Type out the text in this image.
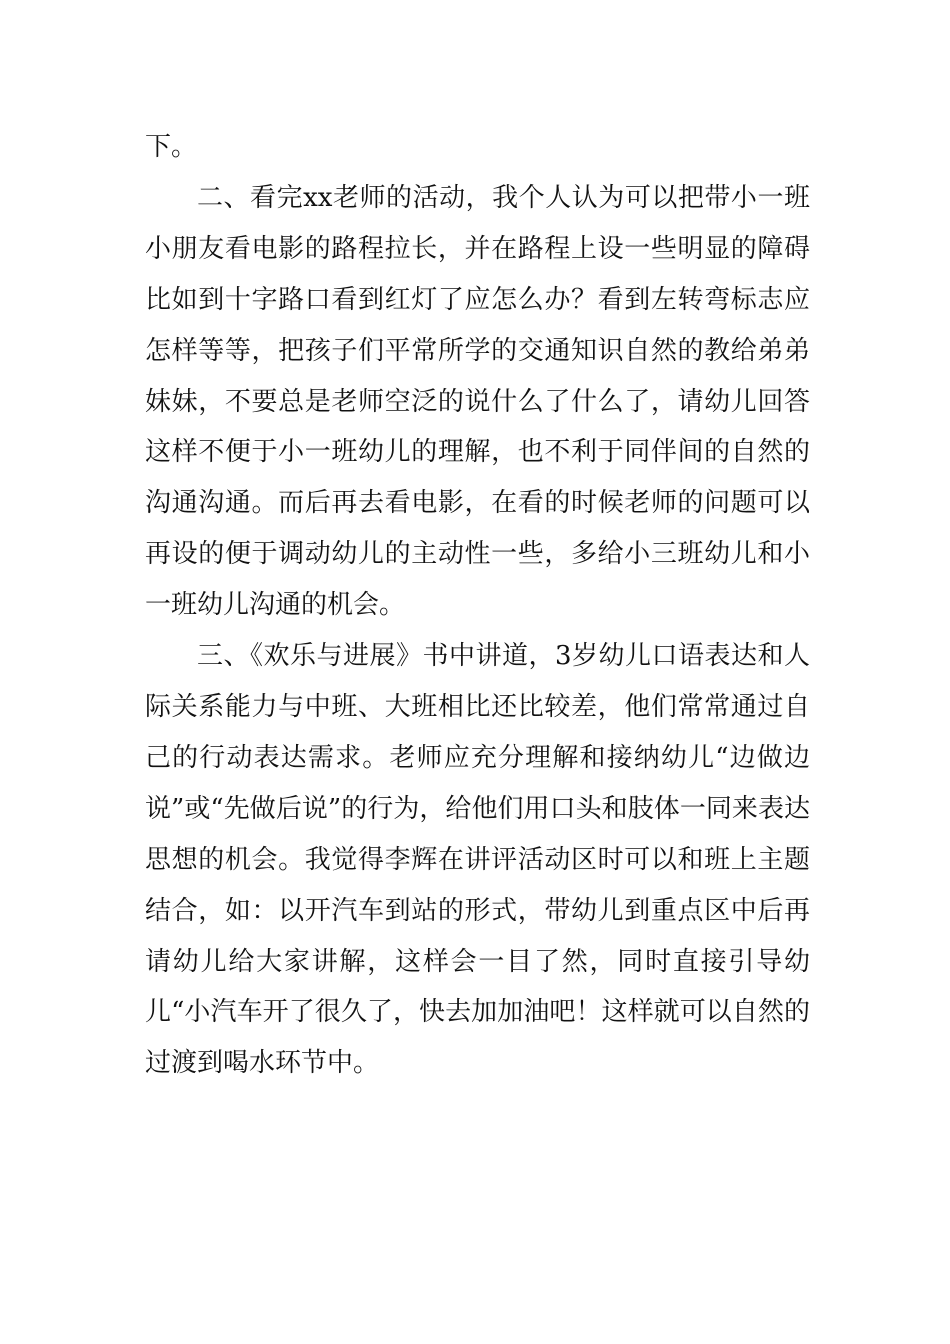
下。

二、看完xx老师的活动，我个人认为可以把带小一班小朋友看电影的路程拉长，并在路程上设一些明显的障碍比如到十字路口看到红灯了应怎么办？看到左转弯标志应怎样等等，把孩子们平常所学的交通知识自然的教给弟弟妹妹，不要总是老师空泛的说什么了什么了，请幼儿回答这样不便于小一班幼儿的理解，也不利于同伴间的自然的沟通沟通。而后再去看电影，在看的时候老师的问题可以再设的便于调动幼儿的主动性一些，多给小三班幼儿和小一班幼儿沟通的机会。

三、《欢乐与进展》书中讲道，3岁幼儿口语表达和人际关系能力与中班、大班相比还比较差，他们常常通过自己的行动表达需求。老师应充分理解和接纳幼儿“边做边说”或“先做后说”的行为，给他们用口头和肢体一同来表达思想的机会。我觉得李辉在讲评活动区时可以和班上主题结合，如：以开汽车到站的形式，带幼儿到重点区中后再请幼儿给大家讲解，这样会一目了然，同时直接引导幼儿“小汽车开了很久了，快去加加油吧！这样就可以自然的过渡到喝水环节中。
